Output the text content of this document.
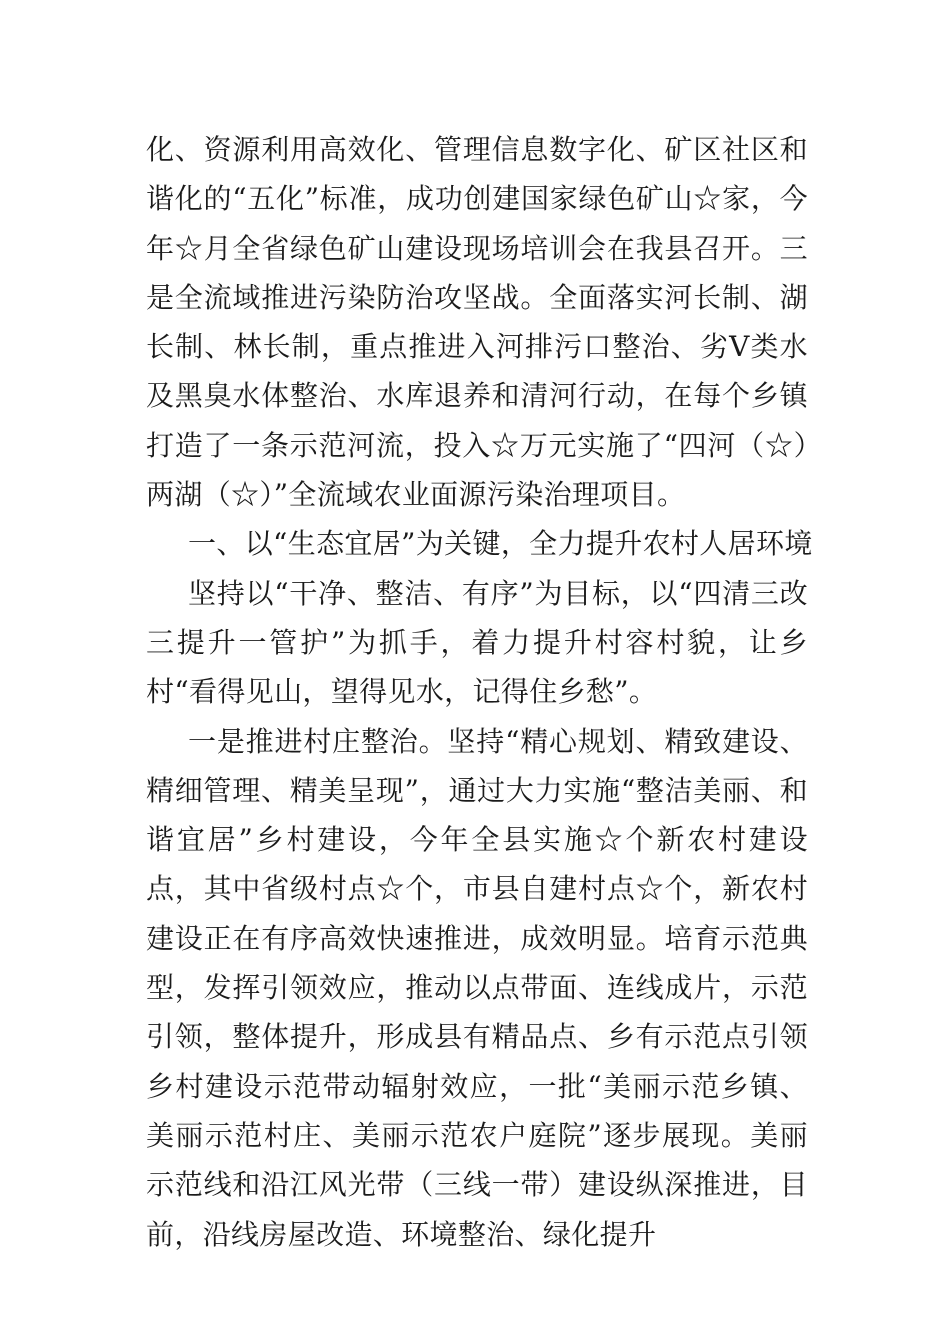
化、资源利用高效化、管理信息数字化、矿区社区和谐化的“五化”标准，成功创建国家绿色矿山☆家，今年☆月全省绿色矿山建设现场培训会在我县召开。三是全流域推进污染防治攻坚战。全面落实河长制、湖长制、林长制，重点推进入河排污口整治、劣Ⅴ类水及黑臭水体整治、水库退养和清河行动，在每个乡镇打造了一条示范河流，投入☆万元实施了“四河（☆）两湖（☆）”全流域农业面源污染治理项目。

一、以“生态宜居”为关键，全力提升农村人居环境

坚持以“干净、整洁、有序”为目标，以“四清三改三提升一管护”为抓手，着力提升村容村貌，让乡村“看得见山，望得见水，记得住乡愁”。

一是推进村庄整治。坚持“精心规划、精致建设、精细管理、精美呈现”，通过大力实施“整洁美丽、和谐宜居”乡村建设，今年全县实施☆个新农村建设点，其中省级村点☆个，市县自建村点☆个，新农村建设正在有序高效快速推进，成效明显。培育示范典型，发挥引领效应，推动以点带面、连线成片，示范引领，整体提升，形成县有精品点、乡有示范点引领乡村建设示范带动辐射效应，一批“美丽示范乡镇、美丽示范村庄、美丽示范农户庭院”逐步展现。美丽示范线和沿江风光带（三线一带）建设纵深推进，目前，沿线房屋改造、环境整治、绿化提升
